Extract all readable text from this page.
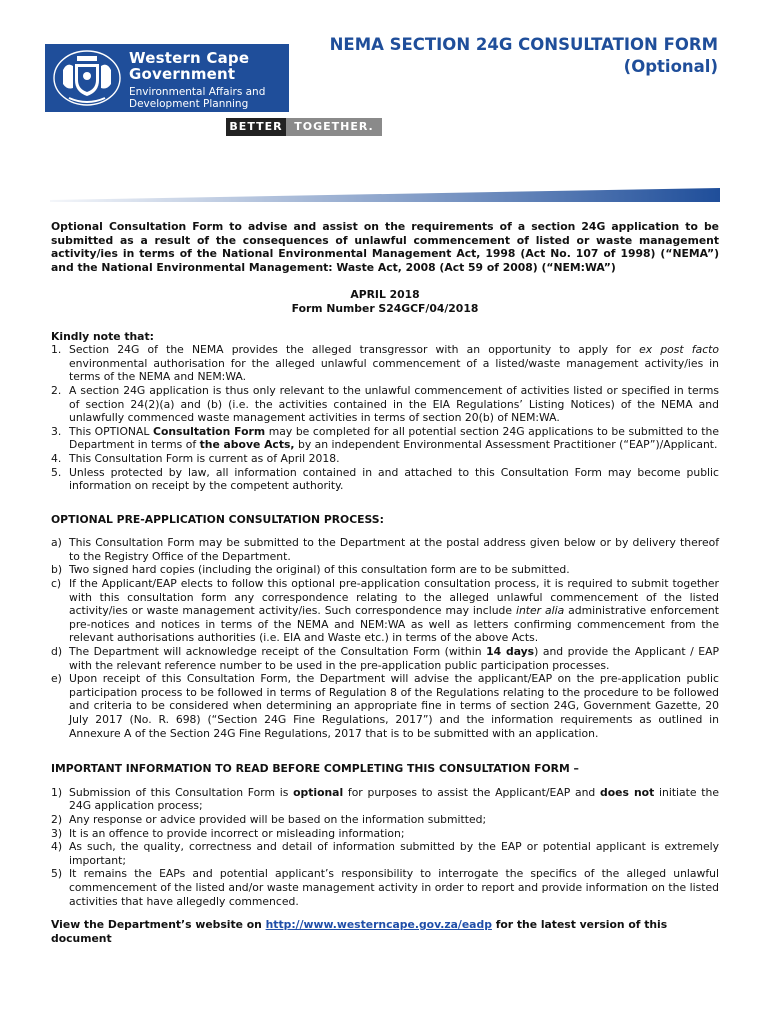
Western Cape
Government
Environmental Affairs and
Development Planning
BETTER	TOGETHER.
NEMA SECTION 24G CONSULTATION FORM
(Optional)

Optional Consultation Form to advise and assist on the requirements of a section 24G application to be submitted as a result of the consequences of unlawful commencement of listed or waste management activity/ies in terms of the National Environmental Management Act, 1998 (Act No. 107 of 1998) (“NEMA”) and the National Environmental Management: Waste Act, 2008 (Act 59 of 2008) (“NEM:WA”)

APRIL 2018

Form Number S24GCF/04/2018

Kindly note that:

1. Section 24G of the NEMA provides the alleged transgressor with an opportunity to apply for ex post facto environmental authorisation for the alleged unlawful commencement of a listed/waste management activity/ies in terms of the NEMA and NEM:WA.
2. A section 24G application is thus only relevant to the unlawful commencement of activities listed or specified in terms of section 24(2)(a) and (b) (i.e. the activities contained in the EIA Regulations’ Listing Notices) of the NEMA and unlawfully commenced waste management activities in terms of section 20(b) of NEM:WA.
3. This OPTIONAL Consultation Form may be completed for all potential section 24G applications to be submitted to the Department in terms of the above Acts, by an independent Environmental Assessment Practitioner (“EAP”)/Applicant.
4. This Consultation Form is current as of April 2018.
5. Unless protected by law, all information contained in and attached to this Consultation Form may become public information on receipt by the competent authority.

OPTIONAL PRE-APPLICATION CONSULTATION PROCESS:

a) This Consultation Form may be submitted to the Department at the postal address given below or by delivery thereof to the Registry Office of the Department.
b) Two signed hard copies (including the original) of this consultation form are to be submitted.
c) If the Applicant/EAP elects to follow this optional pre-application consultation process, it is required to submit together with this consultation form any correspondence relating to the alleged unlawful commencement of the listed activity/ies or waste management activity/ies. Such correspondence may include inter alia administrative enforcement pre-notices and notices in terms of the NEMA and NEM:WA as well as letters confirming commencement from the relevant authorisations authorities (i.e. EIA and Waste etc.) in terms of the above Acts.
d) The Department will acknowledge receipt of the Consultation Form (within 14 days) and provide the Applicant / EAP with the relevant reference number to be used in the pre-application public participation processes.
e) Upon receipt of this Consultation Form, the Department will advise the applicant/EAP on the pre-application public participation process to be followed in terms of Regulation 8 of the Regulations relating to the procedure to be followed and criteria to be considered when determining an appropriate fine in terms of section 24G, Government Gazette, 20 July 2017 (No. R. 698) (“Section 24G Fine Regulations, 2017”) and the information requirements as outlined in Annexure A of the Section 24G Fine Regulations, 2017 that is to be submitted with an application.

IMPORTANT INFORMATION TO READ BEFORE COMPLETING THIS CONSULTATION FORM –

1) Submission of this Consultation Form is optional for purposes to assist the Applicant/EAP and does not initiate the 24G application process;
2) Any response or advice provided will be based on the information submitted;
3) It is an offence to provide incorrect or misleading information;
4) As such, the quality, correctness and detail of information submitted by the EAP or potential applicant is extremely important;
5) It remains the EAPs and potential applicant’s responsibility to interrogate the specifics of the alleged unlawful commencement of the listed and/or waste management activity in order to report and provide information on the listed activities that have allegedly commenced.

View the Department’s website on http://www.westerncape.gov.za/eadp for the latest version of this document
